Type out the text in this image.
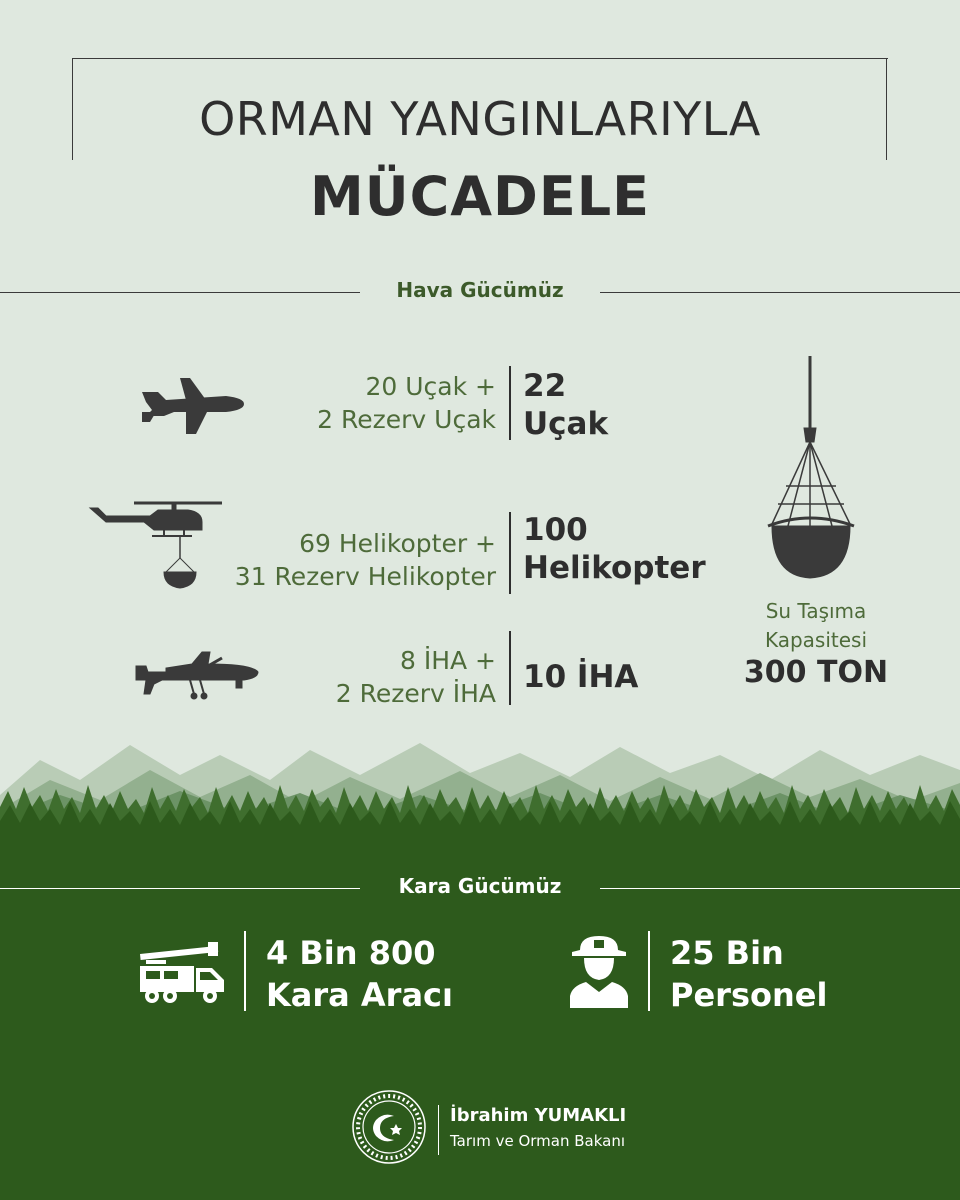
ORMAN YANGINLARIYLA
MÜCADELE
Hava Gücümüz
20 Uçak +
2 Rezerv Uçak
22
Uçak
69 Helikopter +
31 Rezerv Helikopter
100
Helikopter
8 İHA +
2 Rezerv İHA 10 İHA
Su Taşıma
Kapasitesi
300 TON
Kara Gücümüz
4 Bin 800
Kara Aracı
25 Bin
Personel
İbrahim YUMAKLI
Tarım ve Orman Bakanı
